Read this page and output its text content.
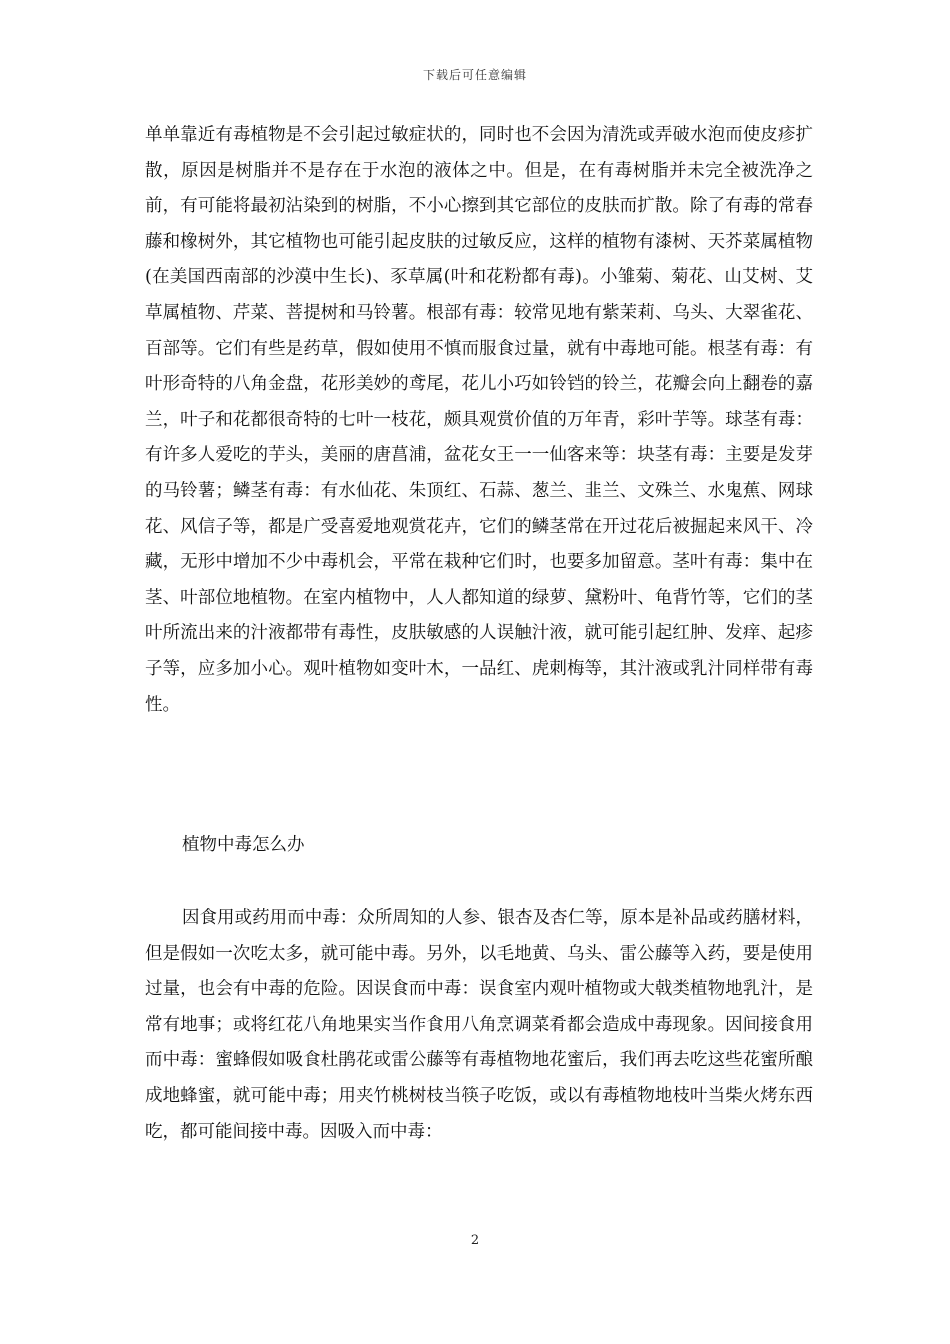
下载后可任意编辑

单单靠近有毒植物是不会引起过敏症状的，同时也不会因为清洗或弄破水泡而使皮疹扩散，原因是树脂并不是存在于水泡的液体之中。但是，在有毒树脂并未完全被洗净之前，有可能将最初沾染到的树脂，不小心擦到其它部位的皮肤而扩散。除了有毒的常春藤和橡树外，其它植物也可能引起皮肤的过敏反应，这样的植物有漆树、天芥菜属植物(在美国西南部的沙漠中生长)、豕草属(叶和花粉都有毒)。小雏菊、菊花、山艾树、艾草属植物、芹菜、菩提树和马铃薯。根部有毒：较常见地有紫茉莉、乌头、大翠雀花、百部等。它们有些是药草，假如使用不慎而服食过量，就有中毒地可能。根茎有毒：有叶形奇特的八角金盘，花形美妙的鸢尾，花儿小巧如铃铛的铃兰，花瓣会向上翻卷的嘉兰，叶子和花都很奇特的七叶一枝花，颇具观赏价值的万年青，彩叶芋等。球茎有毒：有许多人爱吃的芋头，美丽的唐菖浦，盆花女王一一仙客来等：块茎有毒：主要是发芽的马铃薯；鳞茎有毒：有水仙花、朱顶红、石蒜、葱兰、韭兰、文殊兰、水鬼蕉、网球花、风信子等，都是广受喜爱地观赏花卉，它们的鳞茎常在开过花后被掘起来风干、冷藏，无形中增加不少中毒机会，平常在栽种它们时，也要多加留意。茎叶有毒：集中在茎、叶部位地植物。在室内植物中，人人都知道的绿萝、黛粉叶、龟背竹等，它们的茎叶所流出来的汁液都带有毒性，皮肤敏感的人误触汁液，就可能引起红肿、发痒、起疹子等，应多加小心。观叶植物如变叶木，一品红、虎刺梅等，其汁液或乳汁同样带有毒性。

植物中毒怎么办

因食用或药用而中毒：众所周知的人参、银杏及杏仁等，原本是补品或药膳材料，但是假如一次吃太多，就可能中毒。另外，以毛地黄、乌头、雷公藤等入药，要是使用过量，也会有中毒的危险。因误食而中毒：误食室内观叶植物或大戟类植物地乳汁，是常有地事；或将红花八角地果实当作食用八角烹调菜肴都会造成中毒现象。因间接食用而中毒：蜜蜂假如吸食杜鹃花或雷公藤等有毒植物地花蜜后，我们再去吃这些花蜜所酿成地蜂蜜，就可能中毒；用夹竹桃树枝当筷子吃饭，或以有毒植物地枝叶当柴火烤东西吃，都可能间接中毒。因吸入而中毒：

2
